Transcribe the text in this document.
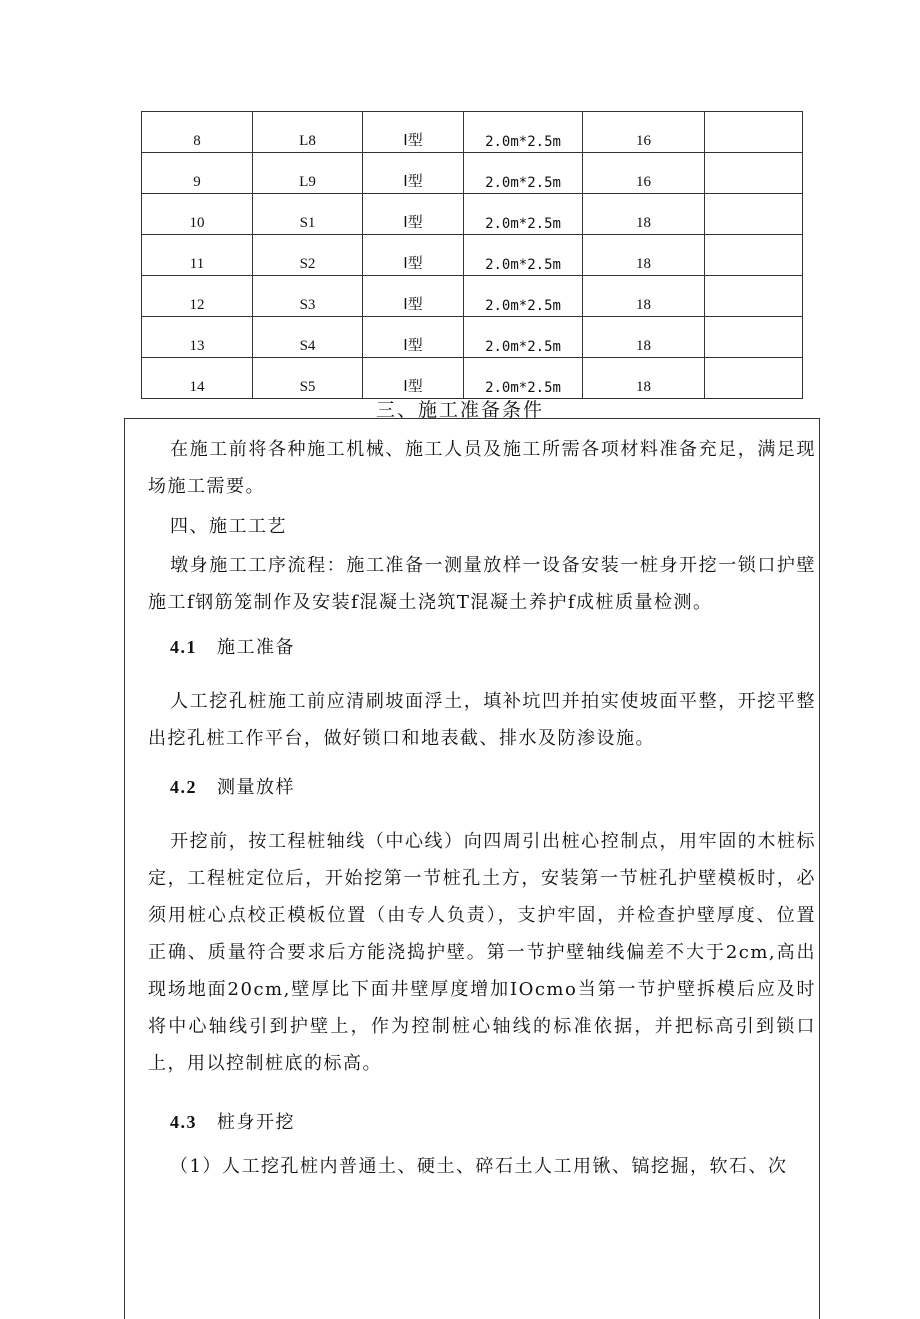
8	L8	Ⅰ型	2.0m*2.5m	16	
9	L9	Ⅰ型	2.0m*2.5m	16	
10	S1	Ⅰ型	2.0m*2.5m	18	
11	S2	Ⅰ型	2.0m*2.5m	18	
12	S3	Ⅰ型	2.0m*2.5m	18	
13	S4	Ⅰ型	2.0m*2.5m	18	
14	S5	Ⅰ型	2.0m*2.5m	18	
三、施工准备条件
在施工前将各种施工机械、施工人员及施工所需各项材料准备充足，满足现场施工需要。
四、施工工艺
墩身施工工序流程：施工准备一测量放样一设备安装一桩身开挖一锁口护壁施工f钢筋笼制作及安装f混凝土浇筑T混凝土养护f成桩质量检测。
4.1 施工准备
人工挖孔桩施工前应清刷坡面浮土，填补坑凹并拍实使坡面平整，开挖平整出挖孔桩工作平台，做好锁口和地表截、排水及防渗设施。
4.2 测量放样
开挖前，按工程桩轴线（中心线）向四周引出桩心控制点，用牢固的木桩标定，工程桩定位后，开始挖第一节桩孔土方，安装第一节桩孔护壁模板时，必须用桩心点校正模板位置（由专人负责），支护牢固，并检查护壁厚度、位置正确、质量符合要求后方能浇捣护壁。第一节护壁轴线偏差不大于2cm,高出现场地面20cm,壁厚比下面井壁厚度增加IOcmo当第一节护壁拆模后应及时将中心轴线引到护壁上，作为控制桩心轴线的标准依据，并把标高引到锁口上，用以控制桩底的标高。
4.3 桩身开挖
（1）人工挖孔桩内普通土、硬土、碎石土人工用锹、镐挖掘，软石、次
